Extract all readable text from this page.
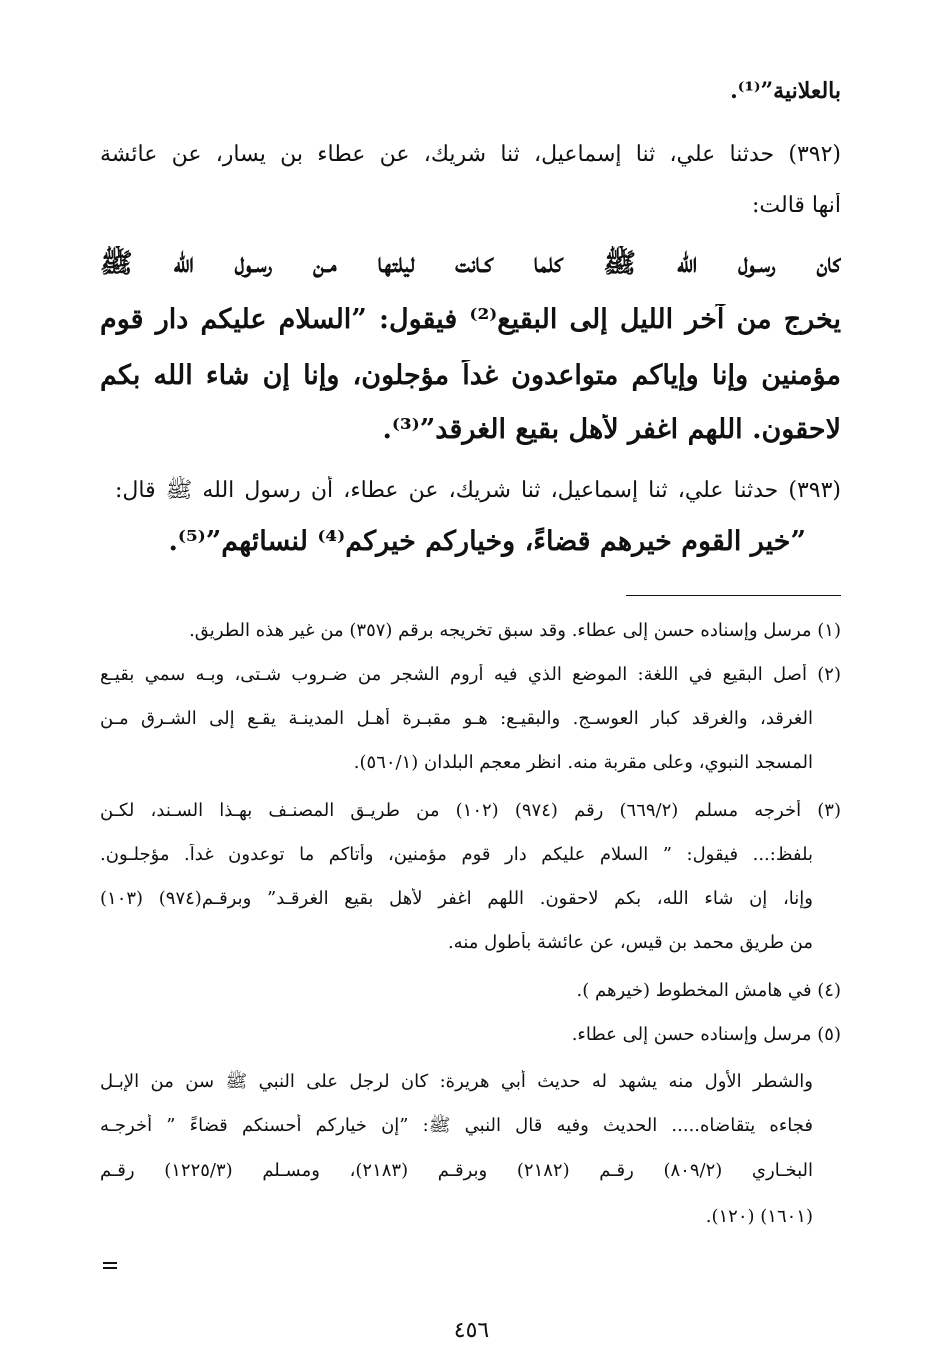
بالعلانية”⁽¹⁾.
(٣٩٢) حدثنا علي، ثنا إسماعيل، ثنا شريك، عن عطاء بن يسار، عن عائشة
أنها قالت:
كان رسـول الله ﷺ كلما كـانت ليلتها مـن رسـول الله ﷺ
يخرج من آخر الليل إلى البقيع⁽²⁾ فيقول: ”السلام عليكم دار قوم
مؤمنين وإنا وإياكم متواعدون غداً مؤجلون، وإنا إن شاء الله بكم
لاحقون. اللهم اغفر لأهل بقيع الغرقد”⁽³⁾.
(٣٩٣) حدثنا علي، ثنا إسماعيل، ثنا شريك، عن عطاء، أن رسول الله ﷺ قال:
”خير القوم خيرهم قضاءً، وخياركم خيركم⁽⁴⁾ لنسائهم”⁽⁵⁾.
(١) مرسل وإسناده حسن إلى عطاء. وقد سبق تخريجه برقم (٣٥٧) من غير هذه الطريق.
(٢) أصل البقيع في اللغة: الموضع الذي فيه أُروم الشجر من ضـروب شـتى، وبـه سمي بقيـع
الغرقد، والغرقد كبار العوسـج. والبقيـع: هـو مقبـرة أهـل المدينـة يقـع إلى الشـرق مـن
المسجد النبوي، وعلى مقربة منه. انظر معجم البلدان (٥٦٠/١).
(٣) أخرجه مسلم (٦٦٩/٢) رقم (٩٧٤) (١٠٢) من طريـق المصنـف بهـذا السـند، لكـن
بلفظ:... فيقول: ” السلام عليكم دار قوم مؤمنين، وأتاكم ما توعدون غداً. مؤجلـون.
وإنا، إن شاء الله، بكم لاحقون. اللهم اغفر لأهل بقيع الغرقـد” وبرقـم(٩٧٤) (١٠٣)
من طريق محمد بن قيس، عن عائشة بأطول منه.
(٤) في هامش المخطوط (خيرهم ).
(٥) مرسل وإسناده حسن إلى عطاء.
والشطر الأول منه يشهد له حديث أبي هريرة: كان لرجل على النبي ﷺ سن من الإبـل
فجاءه يتقاضاه..... الحديث وفيه قال النبي ﷺ: ”إن خياركم أحسنكم قضاءً ” أخرجـه
البخـاري (٨٠٩/٢) رقـم (٢١٨٢) وبرقـم (٢١٨٣)، ومسـلم (١٢٢٥/٣) رقـم
(١٦٠١) (١٢٠).
٤٥٦
